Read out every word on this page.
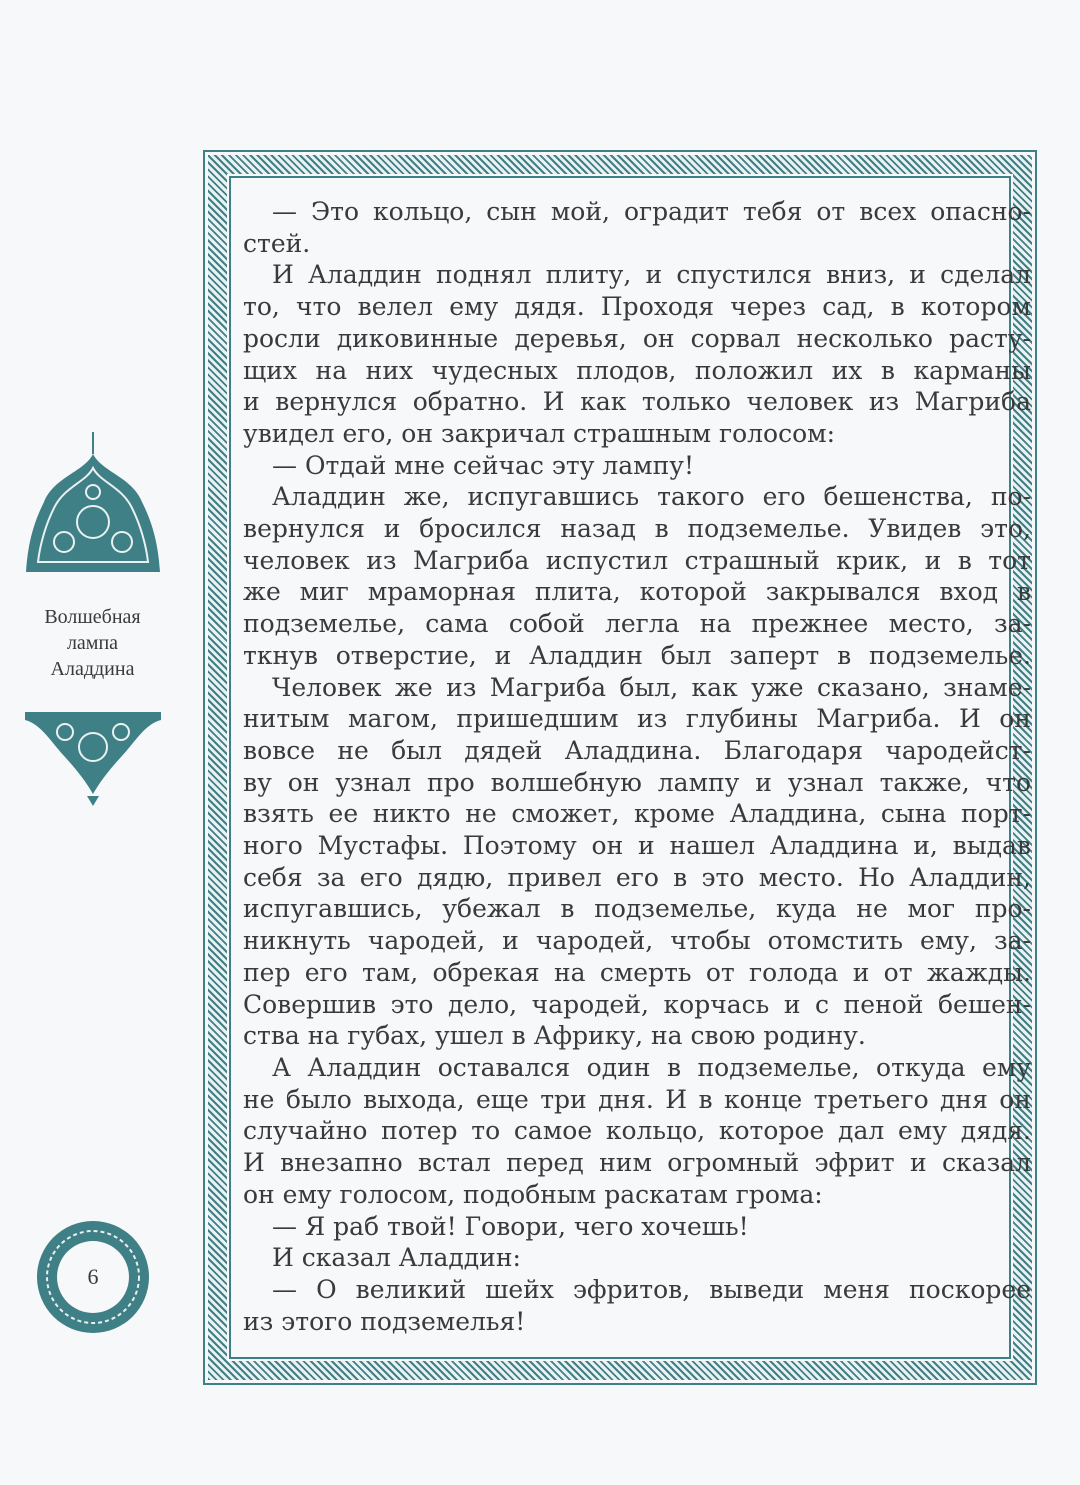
— Это кольцо, сын мой, оградит тебя от всех опасно-
стей.
И Аладдин поднял плиту, и спустился вниз, и сделал
то, что велел ему дядя. Проходя через сад, в котором
росли диковинные деревья, он сорвал несколько расту-
щих на них чудесных плодов, положил их в карманы
и вернулся обратно. И как только человек из Магриба
увидел его, он закричал страшным голосом:
— Отдай мне сейчас эту лампу!
Аладдин же, испугавшись такого его бешенства, по-
вернулся и бросился назад в подземелье. Увидев это,
человек из Магриба испустил страшный крик, и в тот
же миг мраморная плита, которой закрывался вход в
подземелье, сама собой легла на прежнее место, за-
ткнув отверстие, и Аладдин был заперт в подземелье.
Человек же из Магриба был, как уже сказано, знаме-
нитым магом, пришедшим из глубины Магриба. И он
вовсе не был дядей Аладдина. Благодаря чародейст-
ву он узнал про волшебную лампу и узнал также, что
взять ее никто не сможет, кроме Аладдина, сына порт-
ного Мустафы. Поэтому он и нашел Аладдина и, выдав
себя за его дядю, привел его в это место. Но Аладдин,
испугавшись, убежал в подземелье, куда не мог про-
никнуть чародей, и чародей, чтобы отомстить ему, за-
пер его там, обрекая на смерть от голода и от жажды.
Совершив это дело, чародей, корчась и с пеной бешен-
ства на губах, ушел в Африку, на свою родину.
А Аладдин оставался один в подземелье, откуда ему
не было выхода, еще три дня. И в конце третьего дня он
случайно потер то самое кольцо, которое дал ему дядя.
И внезапно встал перед ним огромный эфрит и сказал
он ему голосом, подобным раскатам грома:
— Я раб твой! Говори, чего хочешь!
И сказал Аладдин:
— О великий шейх эфритов, выведи меня поскорее
из этого подземелья!
Волшебная
лампа
Аладдина
6
